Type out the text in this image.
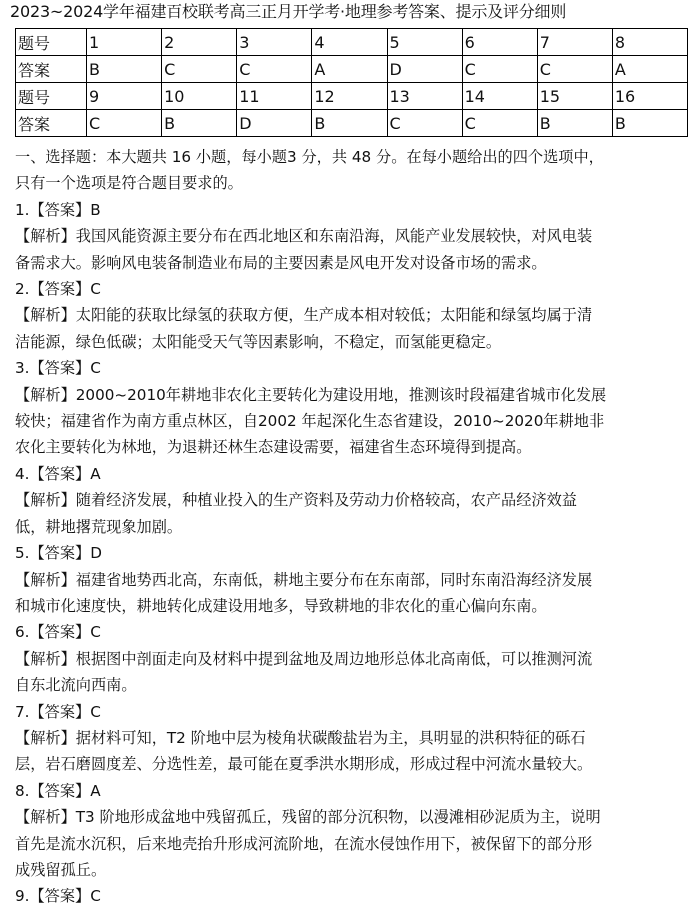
2023~2024学年福建百校联考高三正月开学考·地理参考答案、提示及评分细则
题号	1	2	3	4	5	6	7	8
答案	B	C	C	A	D	C	C	A
题号	9	10	11	12	13	14	15	16
答案	C	B	D	B	C	C	B	B

一、选择题：本大题共 16 小题，每小题3 分，共 48 分。在每小题给出的四个选项中，

只有一个选项是符合题目要求的。

1.【答案】B

【解析】我国风能资源主要分布在西北地区和东南沿海，风能产业发展较快，对风电装

备需求大。影响风电装备制造业布局的主要因素是风电开发对设备市场的需求。

2.【答案】C

【解析】太阳能的获取比绿氢的获取方便，生产成本相对较低；太阳能和绿氢均属于清

洁能源，绿色低碳；太阳能受天气等因素影响，不稳定，而氢能更稳定。

3.【答案】C

【解析】2000~2010年耕地非农化主要转化为建设用地，推测该时段福建省城市化发展

较快；福建省作为南方重点林区，自2002 年起深化生态省建设，2010~2020年耕地非

农化主要转化为林地，为退耕还林生态建设需要，福建省生态环境得到提高。

4.【答案】A

【解析】随着经济发展，种植业投入的生产资料及劳动力价格较高，农产品经济效益

低，耕地撂荒现象加剧。

5.【答案】D

【解析】福建省地势西北高，东南低，耕地主要分布在东南部，同时东南沿海经济发展

和城市化速度快，耕地转化成建设用地多，导致耕地的非农化的重心偏向东南。

6.【答案】C

【解析】根据图中剖面走向及材料中提到盆地及周边地形总体北高南低，可以推测河流

自东北流向西南。

7.【答案】C

【解析】据材料可知，T2 阶地中层为棱角状碳酸盐岩为主，具明显的洪积特征的砾石

层，岩石磨圆度差、分选性差，最可能在夏季洪水期形成，形成过程中河流水量较大。

8.【答案】A

【解析】T3 阶地形成盆地中残留孤丘，残留的部分沉积物，以漫滩相砂泥质为主，说明

首先是流水沉积，后来地壳抬升形成河流阶地，在流水侵蚀作用下，被保留下的部分形

成残留孤丘。

9.【答案】C
